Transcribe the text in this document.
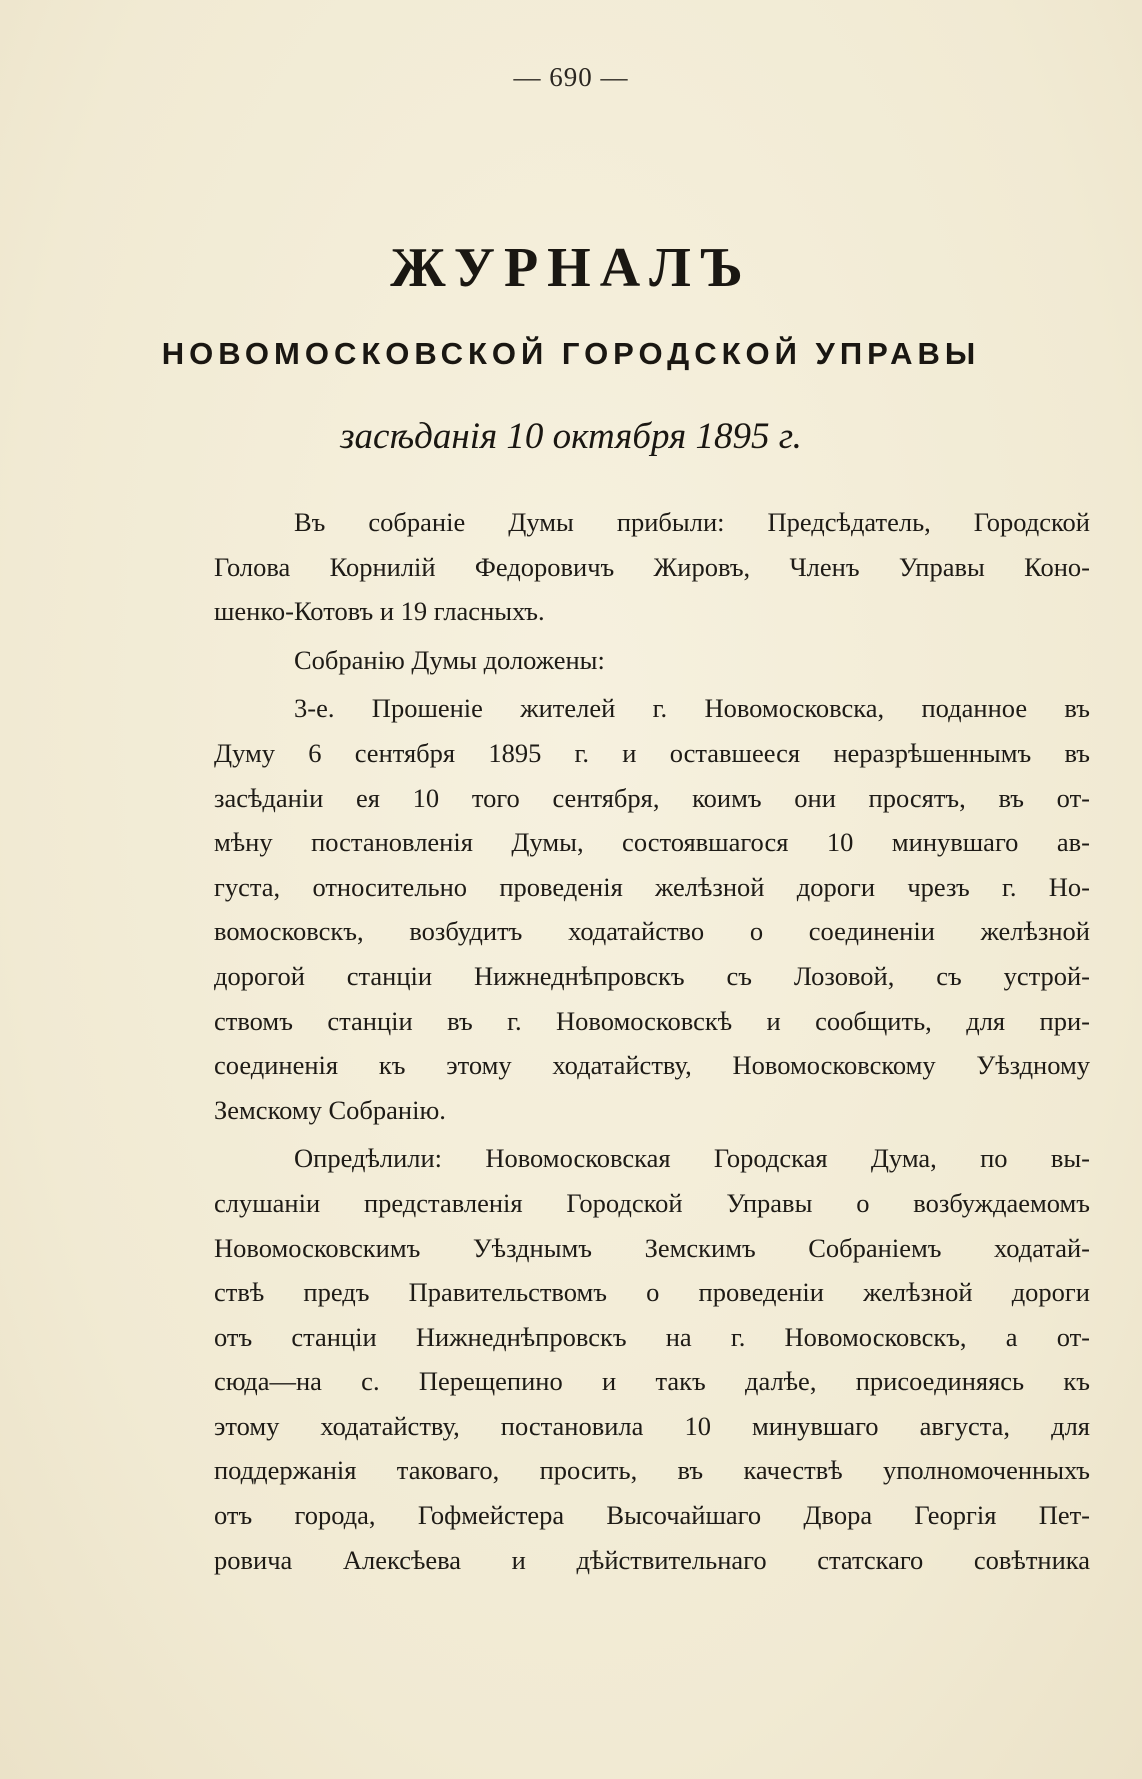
— 690 —
ЖУРНАЛЪ
НОВОМОСКОВСКОЙ ГОРОДСКОЙ УПРАВЫ
засѣданія 10 октября 1895 г.
Въ собраніе Думы прибыли: Предсѣдатель, Городской
Голова Корнилій Федоровичъ Жировъ, Членъ Управы Коно-
шенко-Котовъ и 19 гласныхъ.
Собранію Думы доложены:
3-е. Прошеніе жителей г. Новомосковска, поданное въ
Думу 6 сентября 1895 г. и оставшееся неразрѣшеннымъ въ
засѣданіи ея 10 того сентября, коимъ они просятъ, въ от-
мѣну постановленія Думы, состоявшагося 10 минувшаго ав-
густа, относительно проведенія желѣзной дороги чрезъ г. Но-
вомосковскъ, возбудитъ ходатайство о соединеніи желѣзной
дорогой станціи Нижнеднѣпровскъ съ Лозовой, съ устрой-
ствомъ станціи въ г. Новомосковскѣ и сообщить, для при-
соединенія къ этому ходатайству, Новомосковскому Уѣздному
Земскому Собранію.
Опредѣлили: Новомосковская Городская Дума, по вы-
слушаніи представленія Городской Управы о возбуждаемомъ
Новомосковскимъ Уѣзднымъ Земскимъ Собраніемъ ходатай-
ствѣ предъ Правительствомъ о проведеніи желѣзной дороги
отъ станціи Нижнеднѣпровскъ на г. Новомосковскъ, а от-
сюда—на с. Перещепино и такъ далѣе, присоединяясь къ
этому ходатайству, постановила 10 минувшаго августа, для
поддержанія таковаго, просить, въ качествѣ уполномоченныхъ
отъ города, Гофмейстера Высочайшаго Двора Георгія Пет-
ровича Алексѣева и дѣйствительнаго статскаго совѣтника
